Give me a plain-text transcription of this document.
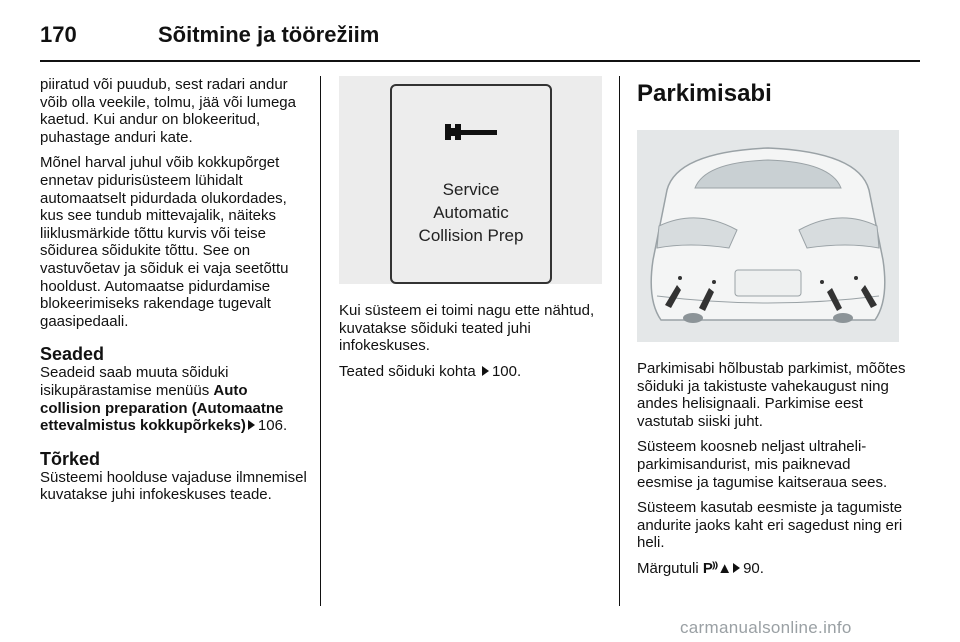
170	Sõitmine ja töörežiim

piiratud või puudub, sest radari andur võib olla veekile, tolmu, jää või lumega kaetud. Kui andur on blokeeritud, puhastage anduri kate.

Mõnel harval juhul võib kokkupõrget ennetav pidurisüsteem lühidalt automaatselt pidurdada olukordades, kus see tundub mittevajalik, näiteks liiklusmärkide tõttu kurvis või teise sõidurea sõidukite tõttu. See on vastuvõetav ja sõiduk ei vaja seetõttu hooldust. Automaatse pidurdamise blokeerimiseks rakendage tugevalt gaasipedaali.

Seaded

Seadeid saab muuta sõiduki isikupärastamise menüüs Auto collision preparation (Automaatne ettevalmistus kokkupõrkeks) 106.

Tõrked

Süsteemi hoolduse vajaduse ilmnemisel kuvatakse juhi infokeskuses teade.

Service
Automatic
Collision Prep

Kui süsteem ei toimi nagu ette nähtud, kuvatakse sõiduki teated juhi infokeskuses.

Teated sõiduki kohta 100.

Parkimisabi

Parkimisabi hõlbustab parkimist, mõõtes sõiduki ja takistuste vahekaugust ning andes helisignaali. Parkimise eest vastutab siiski juht.

Süsteem koosneb neljast ultraheli-parkimisandurist, mis paiknevad eesmise ja tagumise kaitseraua sees.

Süsteem kasutab eesmiste ja tagumiste andurite jaoks kaht eri sagedust ning eri heli.

Märgutuli P⁾⁾▲ 90.

carmanualsonline.info
